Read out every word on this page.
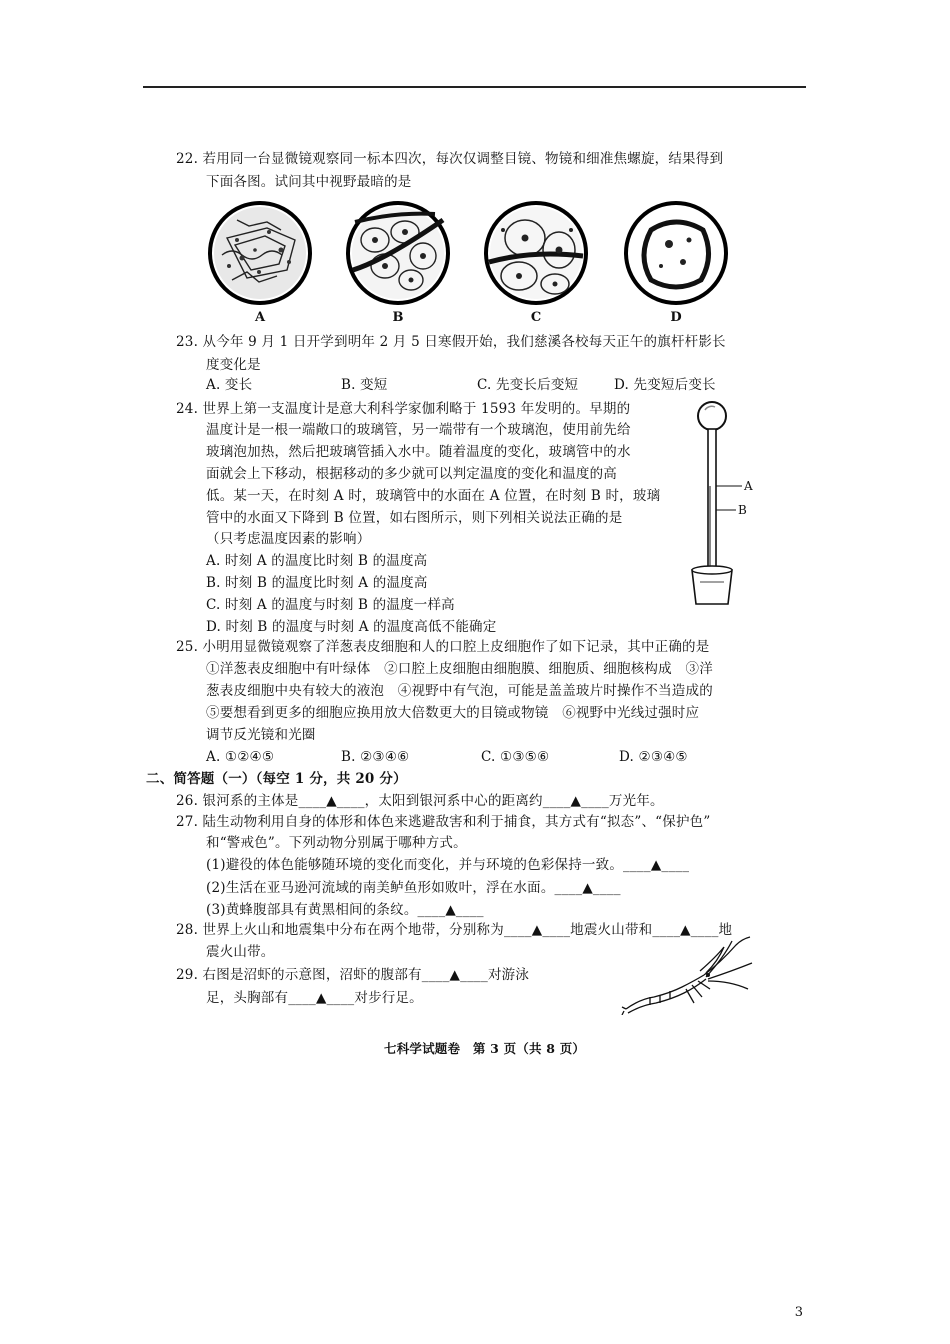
22. 若用同一台显微镜观察同一标本四次，每次仅调整目镜、物镜和细准焦螺旋，结果得到
下面各图。试问其中视野最暗的是
A	B	C	D
23. 从今年 9 月 1 日开学到明年 2 月 5 日寒假开始，我们慈溪各校每天正午的旗杆杆影长
度变化是
A. 变长	B. 变短	C. 先变长后变短	D. 先变短后变长
24. 世界上第一支温度计是意大利科学家伽利略于 1593 年发明的。早期的
温度计是一根一端敞口的玻璃管，另一端带有一个玻璃泡，使用前先给
玻璃泡加热，然后把玻璃管插入水中。随着温度的变化，玻璃管中的水
面就会上下移动，根据移动的多少就可以判定温度的变化和温度的高
低。某一天，在时刻 A 时，玻璃管中的水面在 A 位置，在时刻 B 时，玻璃
管中的水面又下降到 B 位置，如右图所示，则下列相关说法正确的是
（只考虑温度因素的影响）
A. 时刻 A 的温度比时刻 B 的温度高
B. 时刻 B 的温度比时刻 A 的温度高
C. 时刻 A 的温度与时刻 B 的温度一样高
D. 时刻 B 的温度与时刻 A 的温度高低不能确定
A
B
25. 小明用显微镜观察了洋葱表皮细胞和人的口腔上皮细胞作了如下记录，其中正确的是
①洋葱表皮细胞中有叶绿体　②口腔上皮细胞由细胞膜、细胞质、细胞核构成　③洋
葱表皮细胞中央有较大的液泡　④视野中有气泡，可能是盖盖玻片时操作不当造成的
⑤要想看到更多的细胞应换用放大倍数更大的目镜或物镜　⑥视野中光线过强时应
调节反光镜和光圈
A. ①②④⑤	B. ②③④⑥	C. ①③⑤⑥	D. ②③④⑤
二、简答题（一）（每空 1 分，共 20 分）
26. 银河系的主体是____▲____，太阳到银河系中心的距离约____▲____万光年。
27. 陆生动物利用自身的体形和体色来逃避敌害和利于捕食，其方式有“拟态”、“保护色”
和“警戒色”。下列动物分别属于哪种方式。
(1)避役的体色能够随环境的变化而变化，并与环境的色彩保持一致。____▲____
(2)生活在亚马逊河流域的南美鲈鱼形如败叶，浮在水面。____▲____
(3)黄蜂腹部具有黄黑相间的条纹。____▲____
28. 世界上火山和地震集中分布在两个地带，分别称为____▲____地震火山带和____▲____地
震火山带。
29. 右图是沼虾的示意图，沼虾的腹部有____▲____对游泳
足，头胸部有____▲____对步行足。
七科学试题卷　第 3 页（共 8 页）
3
